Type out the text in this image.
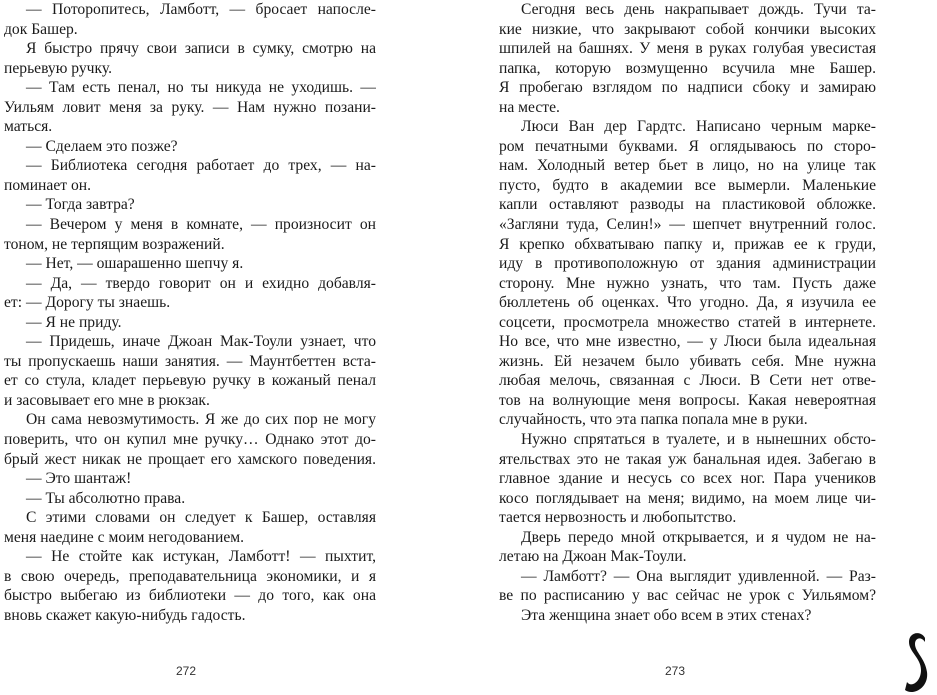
— Поторопитесь, Ламботт, — бросает напосле-
док Башер.
Я быстро прячу свои записи в сумку, смотрю на
перьевую ручку.
— Там есть пенал, но ты никуда не уходишь. —
Уильям ловит меня за руку. — Нам нужно позани-
маться.
— Сделаем это позже?
— Библиотека сегодня работает до трех, — на-
поминает он.
— Тогда завтра?
— Вечером у меня в комнате, — произносит он
тоном, не терпящим возражений.
— Нет, — ошарашенно шепчу я.
— Да, — твердо говорит он и ехидно добавля-
ет: — Дорогу ты знаешь.
— Я не приду.
— Придешь, иначе Джоан Мак-Тоули узнает, что
ты пропускаешь наши занятия. — Маунтбеттен вста-
ет со стула, кладет перьевую ручку в кожаный пенал
и засовывает его мне в рюкзак.
Он сама невозмутимость. Я же до сих пор не могу
поверить, что он купил мне ручку… Однако этот до-
брый жест никак не прощает его хамского поведения.
— Это шантаж!
— Ты абсолютно права.
С этими словами он следует к Башер, оставляя
меня наедине с моим негодованием.
— Не стойте как истукан, Ламботт! — пыхтит,
в свою очередь, преподавательница экономики, и я
быстро выбегаю из библиотеки — до того, как она
вновь скажет какую-нибудь гадость.
272
Сегодня весь день накрапывает дождь. Тучи та-
кие низкие, что закрывают собой кончики высоких
шпилей на башнях. У меня в руках голубая увесистая
папка, которую возмущенно всучила мне Башер.
Я пробегаю взглядом по надписи сбоку и замираю
на месте.
Люси Ван дер Гардтс. Написано черным марке-
ром печатными буквами. Я оглядываюсь по сторо-
нам. Холодный ветер бьет в лицо, но на улице так
пусто, будто в академии все вымерли. Маленькие
капли оставляют разводы на пластиковой обложке.
«Загляни туда, Селин!» — шепчет внутренний голос.
Я крепко обхватываю папку и, прижав ее к груди,
иду в противоположную от здания администрации
сторону. Мне нужно узнать, что там. Пусть даже
бюллетень об оценках. Что угодно. Да, я изучила ее
соцсети, просмотрела множество статей в интернете.
Но все, что мне известно, — у Люси была идеальная
жизнь. Ей незачем было убивать себя. Мне нужна
любая мелочь, связанная с Люси. В Сети нет отве-
тов на волнующие меня вопросы. Какая невероятная
случайность, что эта папка попала мне в руки.
Нужно спрятаться в туалете, и в нынешних обсто-
ятельствах это не такая уж банальная идея. Забегаю в
главное здание и несусь со всех ног. Пара учеников
косо поглядывает на меня; видимо, на моем лице чи-
тается нервозность и любопытство.
Дверь передо мной открывается, и я чудом не на-
летаю на Джоан Мак-Тоули.
— Ламботт? — Она выглядит удивленной. — Раз-
ве по расписанию у вас сейчас не урок с Уильямом?
Эта женщина знает обо всем в этих стенах?
273
